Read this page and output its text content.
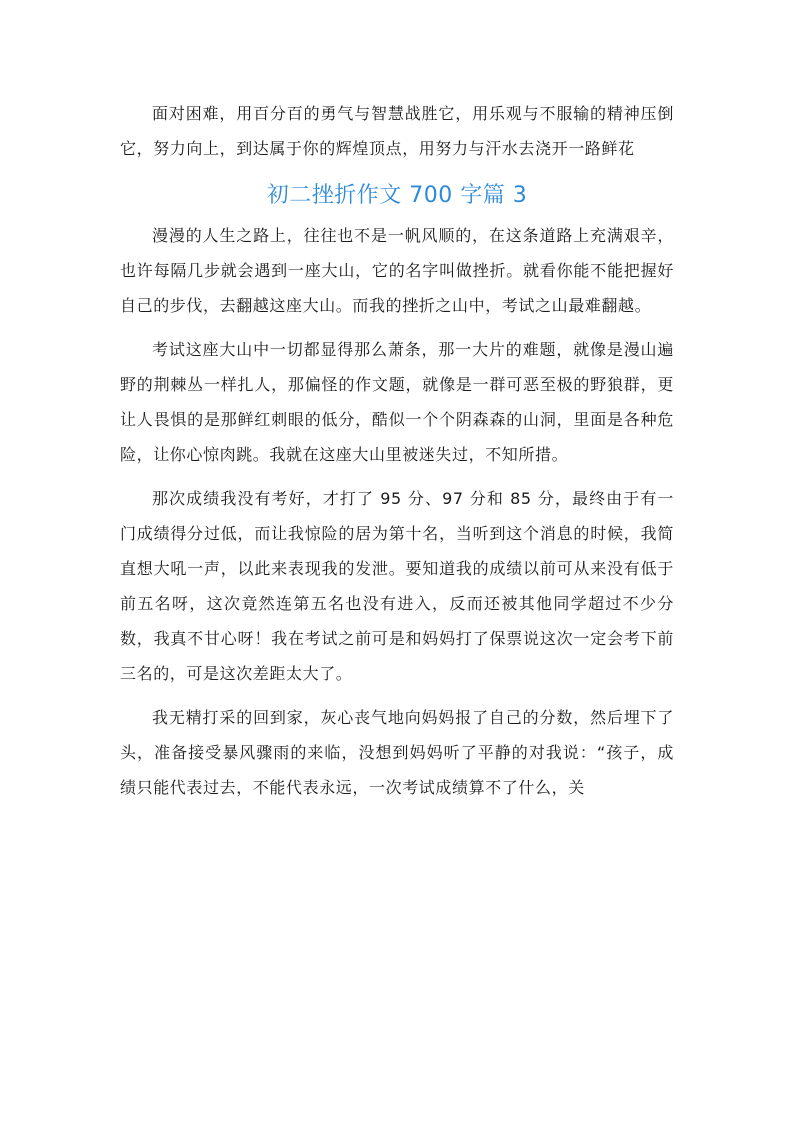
面对困难，用百分百的勇气与智慧战胜它，用乐观与不服输的精神压倒它，努力向上，到达属于你的辉煌顶点，用努力与汗水去浇开一路鲜花

初二挫折作文 700 字篇 3

漫漫的人生之路上，往往也不是一帆风顺的，在这条道路上充满艰辛，也许每隔几步就会遇到一座大山，它的名字叫做挫折。就看你能不能把握好自己的步伐，去翻越这座大山。而我的挫折之山中，考试之山最难翻越。

考试这座大山中一切都显得那么萧条，那一大片的难题，就像是漫山遍野的荆棘丛一样扎人，那偏怪的作文题，就像是一群可恶至极的野狼群，更让人畏惧的是那鲜红刺眼的低分，酷似一个个阴森森的山洞，里面是各种危险，让你心惊肉跳。我就在这座大山里被迷失过，不知所措。

那次成绩我没有考好，才打了 95 分、97 分和 85 分，最终由于有一门成绩得分过低，而让我惊险的居为第十名，当听到这个消息的时候，我简直想大吼一声，以此来表现我的发泄。要知道我的成绩以前可从来没有低于前五名呀，这次竟然连第五名也没有进入，反而还被其他同学超过不少分数，我真不甘心呀！我在考试之前可是和妈妈打了保票说这次一定会考下前三名的，可是这次差距太大了。

我无精打采的回到家，灰心丧气地向妈妈报了自己的分数，然后埋下了头，准备接受暴风骤雨的来临，没想到妈妈听了平静的对我说：“孩子，成绩只能代表过去，不能代表永远，一次考试成绩算不了什么，关
